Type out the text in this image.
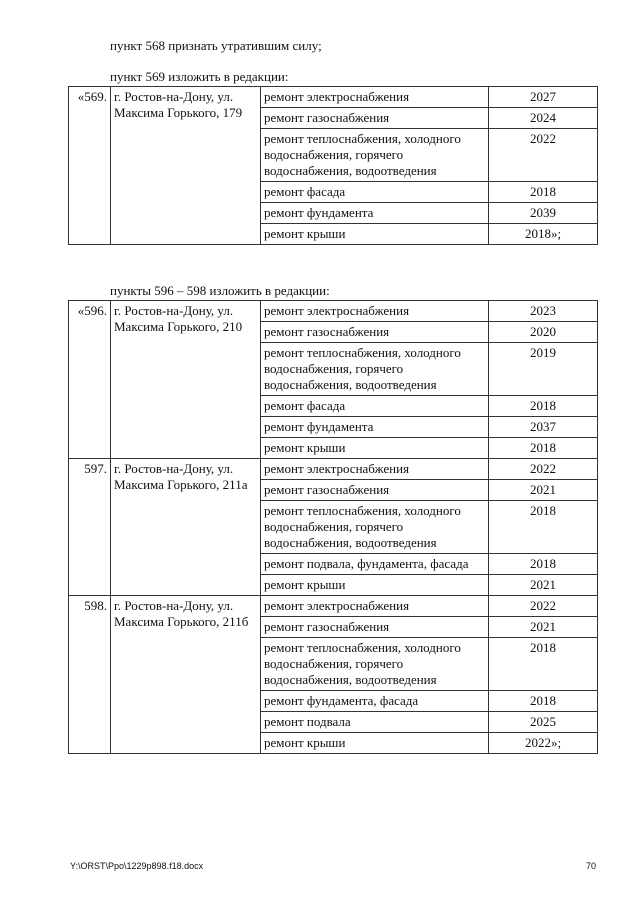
пункт 568 признать утратившим силу;

пункт 569 изложить в редакции:

«569.	г. Ростов-на-Дону, ул. Максима Горького, 179	ремонт электроснабжения	2027
		ремонт газоснабжения	2024
		ремонт теплоснабжения, холодного водоснабжения, горячего водоснабжения, водоотведения	2022
		ремонт фасада	2018
		ремонт фундамента	2039
		ремонт крыши	2018»;

пункты 596 – 598 изложить в редакции:

«596.	г. Ростов-на-Дону, ул. Максима Горького, 210	ремонт электроснабжения	2023
		ремонт газоснабжения	2020
		ремонт теплоснабжения, холодного водоснабжения, горячего водоснабжения, водоотведения	2019
		ремонт фасада	2018
		ремонт фундамента	2037
		ремонт крыши	2018
597.	г. Ростов-на-Дону, ул. Максима Горького, 211а	ремонт электроснабжения	2022
		ремонт газоснабжения	2021
		ремонт теплоснабжения, холодного водоснабжения, горячего водоснабжения, водоотведения	2018
		ремонт подвала, фундамента, фасада	2018
		ремонт крыши	2021
598.	г. Ростов-на-Дону, ул. Максима Горького, 211б	ремонт электроснабжения	2022
		ремонт газоснабжения	2021
		ремонт теплоснабжения, холодного водоснабжения, горячего водоснабжения, водоотведения	2018
		ремонт фундамента, фасада	2018
		ремонт подвала	2025
		ремонт крыши	2022»;
Y:\ORST\Ppo\1229p898.f18.docx	70
